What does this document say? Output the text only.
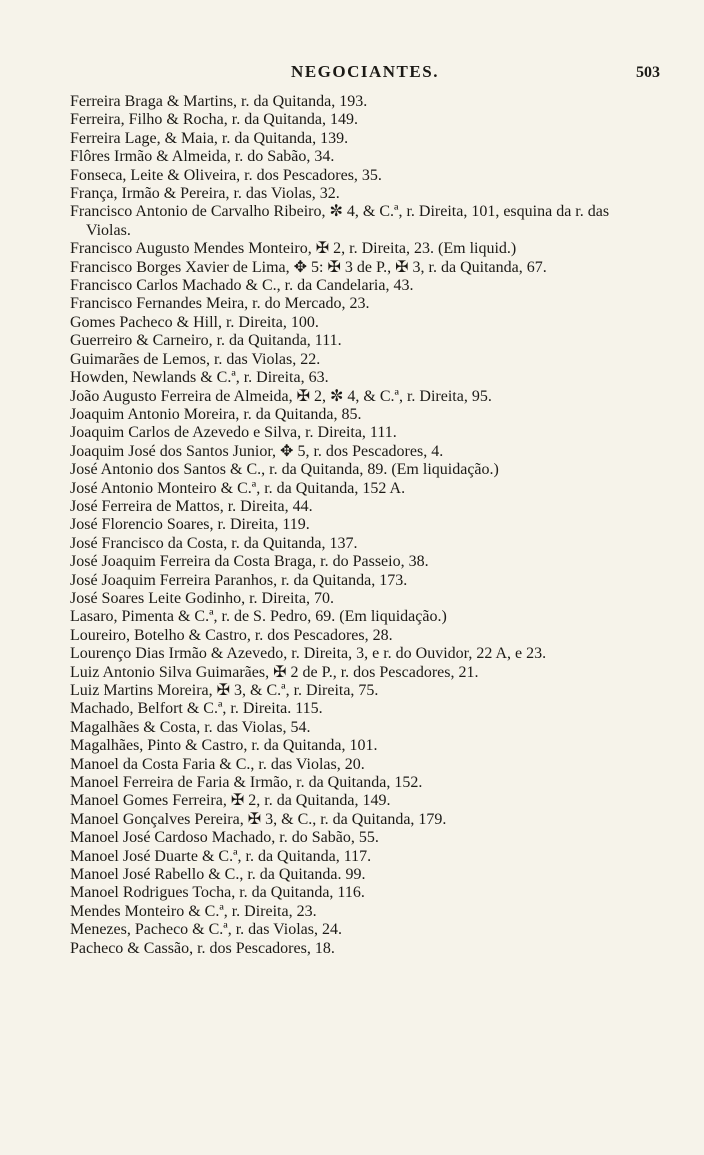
NEGOCIANTES.	503
Ferreira Braga & Martins, r. da Quitanda, 193.
Ferreira, Filho & Rocha, r. da Quitanda, 149.
Ferreira Lage, & Maia, r. da Quitanda, 139.
Flôres Irmão & Almeida, r. do Sabão, 34.
Fonseca, Leite & Oliveira, r. dos Pescadores, 35.
França, Irmão & Pereira, r. das Violas, 32.
Francisco Antonio de Carvalho Ribeiro, ✼ 4, & C.ª, r. Direita, 101, esquina da r. das Violas.
Francisco Augusto Mendes Monteiro, ✠ 2, r. Direita, 23. (Em liquid.)
Francisco Borges Xavier de Lima, ✥ 5: ✠ 3 de P., ✠ 3, r. da Quitanda, 67.
Francisco Carlos Machado & C., r. da Candelaria, 43.
Francisco Fernandes Meira, r. do Mercado, 23.
Gomes Pacheco & Hill, r. Direita, 100.
Guerreiro & Carneiro, r. da Quitanda, 111.
Guimarães de Lemos, r. das Violas, 22.
Howden, Newlands & C.ª, r. Direita, 63.
João Augusto Ferreira de Almeida, ✠ 2, ✼ 4, & C.ª, r. Direita, 95.
Joaquim Antonio Moreira, r. da Quitanda, 85.
Joaquim Carlos de Azevedo e Silva, r. Direita, 111.
Joaquim José dos Santos Junior, ✥ 5, r. dos Pescadores, 4.
José Antonio dos Santos & C., r. da Quitanda, 89. (Em liquidação.)
José Antonio Monteiro & C.ª, r. da Quitanda, 152 A.
José Ferreira de Mattos, r. Direita, 44.
José Florencio Soares, r. Direita, 119.
José Francisco da Costa, r. da Quitanda, 137.
José Joaquim Ferreira da Costa Braga, r. do Passeio, 38.
José Joaquim Ferreira Paranhos, r. da Quitanda, 173.
José Soares Leite Godinho, r. Direita, 70.
Lasaro, Pimenta & C.ª, r. de S. Pedro, 69. (Em liquidação.)
Loureiro, Botelho & Castro, r. dos Pescadores, 28.
Lourenço Dias Irmão & Azevedo, r. Direita, 3, e r. do Ouvidor, 22 A, e 23.
Luiz Antonio Silva Guimarães, ✠ 2 de P., r. dos Pescadores, 21.
Luiz Martins Moreira, ✠ 3, & C.ª, r. Direita, 75.
Machado, Belfort & C.ª, r. Direita. 115.
Magalhães & Costa, r. das Violas, 54.
Magalhães, Pinto & Castro, r. da Quitanda, 101.
Manoel da Costa Faria & C., r. das Violas, 20.
Manoel Ferreira de Faria & Irmão, r. da Quitanda, 152.
Manoel Gomes Ferreira, ✠ 2, r. da Quitanda, 149.
Manoel Gonçalves Pereira, ✠ 3, & C., r. da Quitanda, 179.
Manoel José Cardoso Machado, r. do Sabão, 55.
Manoel José Duarte & C.ª, r. da Quitanda, 117.
Manoel José Rabello & C., r. da Quitanda. 99.
Manoel Rodrigues Tocha, r. da Quitanda, 116.
Mendes Monteiro & C.ª, r. Direita, 23.
Menezes, Pacheco & C.ª, r. das Violas, 24.
Pacheco & Cassão, r. dos Pescadores, 18.
